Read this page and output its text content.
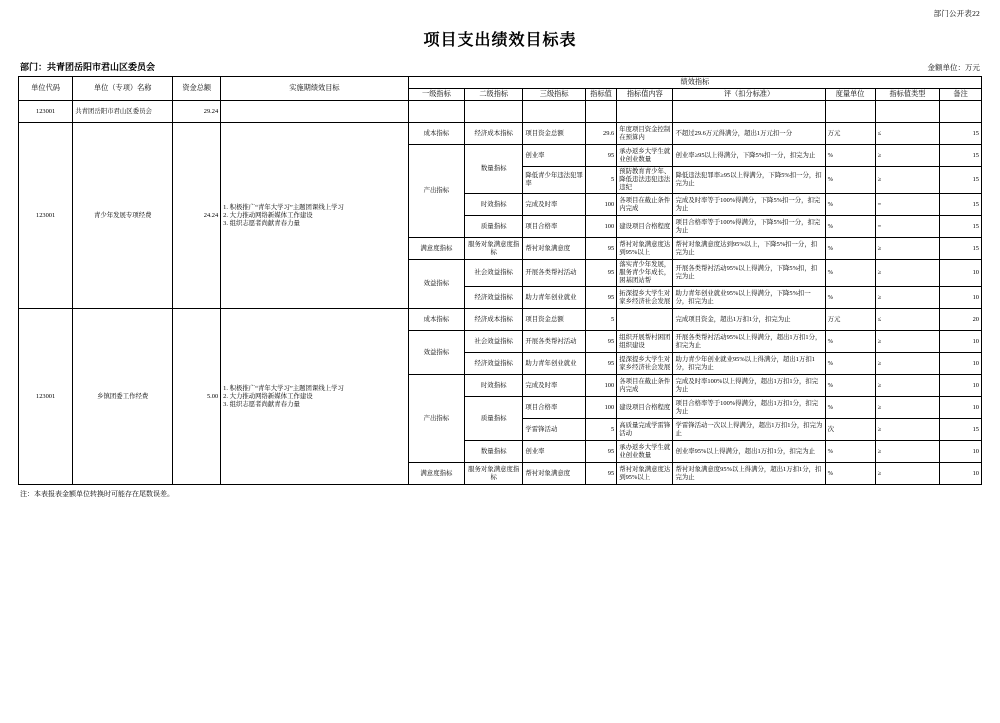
部门公开表22
项目支出绩效目标表
部门：共青团岳阳市君山区委员会	金额单位：万元
单位代码	单位（专项）名称	资金总额	实施期绩效目标	绩效指标								
				一级指标	二级指标	三级指标	指标值	指标值内容	评（扣分标准）	度量单位	指标值类型	备注
123001	共青团岳阳市君山区委员会	29.24										
123001	青少年发展专项经费	24.24	1. 积极推广“青年大学习”主题团课线上学习
2. 大力推动网络新媒体工作建设
3. 组织志愿者尚献青春力量	成本指标	经济成本指标	项目资金总额	29.6	年度项目资金控制在预算内	不超过29.6万元得满分，超出1万元扣一分	万元	≤	15
				产出指标	数量指标	创业率	95	承办返乡大学生就业创业数量	创业率≥95以上得满分，下降5%扣一分，扣完为止	%	≥	15
						降低青少年违法犯罪率	5	预防教育青少年、降低违法违犯违法违纪	降低违法犯罪率≥95以上得满分，下降5%扣一分，扣完为止	%	≥	15
					时效指标	完成及时率	100	各项目在截止条件内完成	完成及时率等于100%得满分，下降5%扣一分，扣完为止	%	=	15
					质量指标	项目合格率	100	建设项目合格程度	项目合格率等于100%得满分，下降5%扣一分，扣完为止	%	=	15
				满意度指标	服务对象满意度指标	帮衬对象满意度	95	帮衬对象满意度达到95%以上	帮衬对象满意度达到95%以上，下降5%扣一分，扣完为止	%	≥	15
				效益指标	社会效益指标	开展各类帮衬活动	95	落实青少年发展，服务青少年成长，困基团站帮	开展各类帮衬活动95%以上得满分，下降5%扣，扣完为止	%	≥	10
					经济效益指标	助力青年创业就业	95	拓深提乡大学生对家乡经济社会发展	助力青年创业就业95%以上得满分，下降5%扣一分，扣完为止	%	≥	10
123001	乡镇团委工作经费	5.00	1. 积极推广“青年大学习”主题团课线上学习
2. 大力推动网络新媒体工作建设
3. 组织志愿者尚献青春力量	成本指标	经济成本指标	项目资金总额	5		完成项目资金，超出1万扣1分，扣完为止	万元	≤	20
				效益指标	社会效益指标	开展各类帮衬活动	95	组织开展帮村困团组织建设	开展各类帮衬活动95%以上得满分，超出1万扣1分，扣完为止	%	≥	10
					经济效益指标	助力青年创业就业	95	提深提乡大学生对家乡经济社会发展	助力青少年创业就业95%以上得满分，超出1万扣1分，扣完为止	%	≥	10
				产出指标	时效指标	完成及时率	100	各项目在截止条件内完成	完成及时率100%以上得满分，超出1万扣1分，扣完为止	%	≥	10
					质量指标	项目合格率	100	建设项目合格程度	项目合格率等于100%得满分，超出1万扣1分，扣完为止	%	≥	10
						学雷锋活动	5	高质量完成学雷锋活动	学雷锋活动一次以上得满分，超出1万扣1分，扣完为止	次	≥	15
					数量指标	创业率	95	承办返乡大学生就业创业数量	创业率95%以上得满分，超出1万扣1分，扣完为止	%	≥	10
				满意度指标	服务对象满意度指标	帮衬对象满意度	95	帮衬对象满意度达到95%以上	帮衬对象满意度95%以上得满分，超出1万扣1分，扣完为止	%	≥	10
注：本表报表金额单位转换时可能存在尾数误差。
